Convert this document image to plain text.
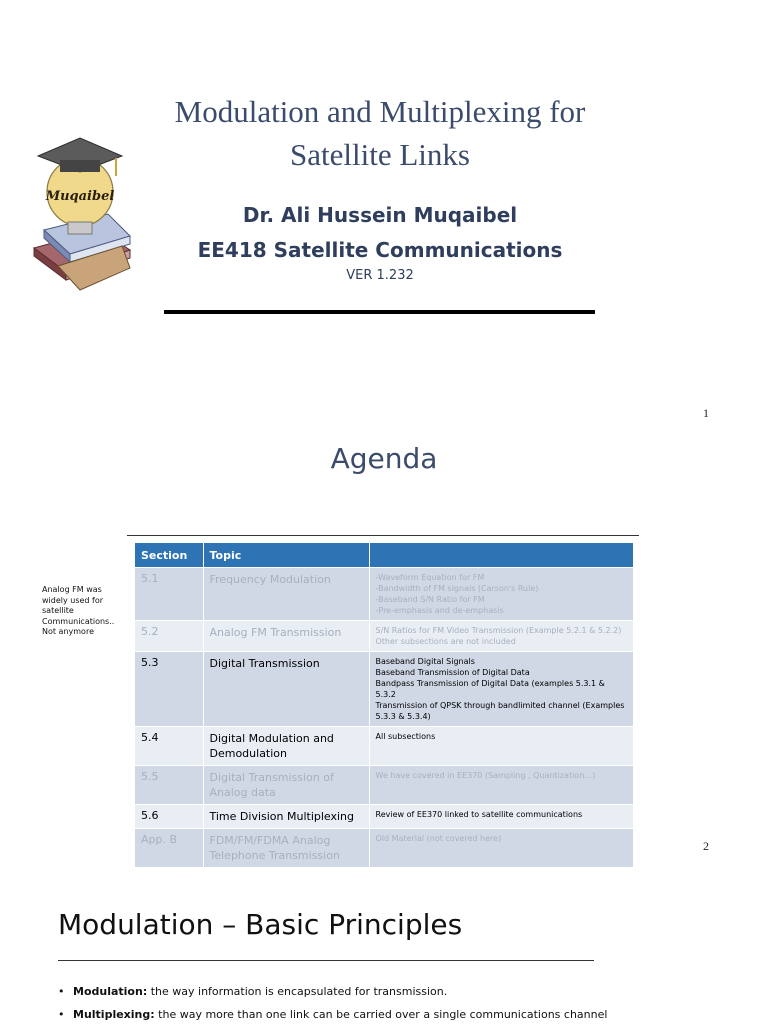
Muqaibel
Modulation and Multiplexing for
Satellite Links
Dr. Ali Hussein Muqaibel
EE418 Satellite Communications
VER 1.232
1
Agenda
Analog FM was widely used for satellite Communications.. Not anymore
Section	Topic	
5.1	Frequency Modulation	-Waveform Equation for FM
-Bandwidth of FM signals (Carson's Rule)
-Baseband S/N Ratio for FM
-Pre-emphasis and de-emphasis

5.2	Analog FM Transmission	S/N Ratios for FM Video Transmission (Example 5.2.1 & 5.2.2)
Other subsections are not included

5.3	Digital Transmission	Baseband Digital Signals
Baseband Transmission of Digital Data
Bandpass Transmission of Digital Data (examples 5.3.1 & 5.3.2
Transmission of QPSK through bandlimited channel (Examples 5.3.3 & 5.3.4)

5.4	Digital Modulation and Demodulation	All subsections

5.5	Digital Transmission of Analog data	We have covered in EE370 (Sampling , Quantization…)

5.6	Time Division Multiplexing	Review of EE370 linked to satellite communications

App. B	FDM/FM/FDMA Analog Telephone Transmission	Old Material (not covered here)
2
Modulation – Basic Principles
• Modulation: the way information is encapsulated for transmission.
• Multiplexing: the way more than one link can be carried over a single communications channel
